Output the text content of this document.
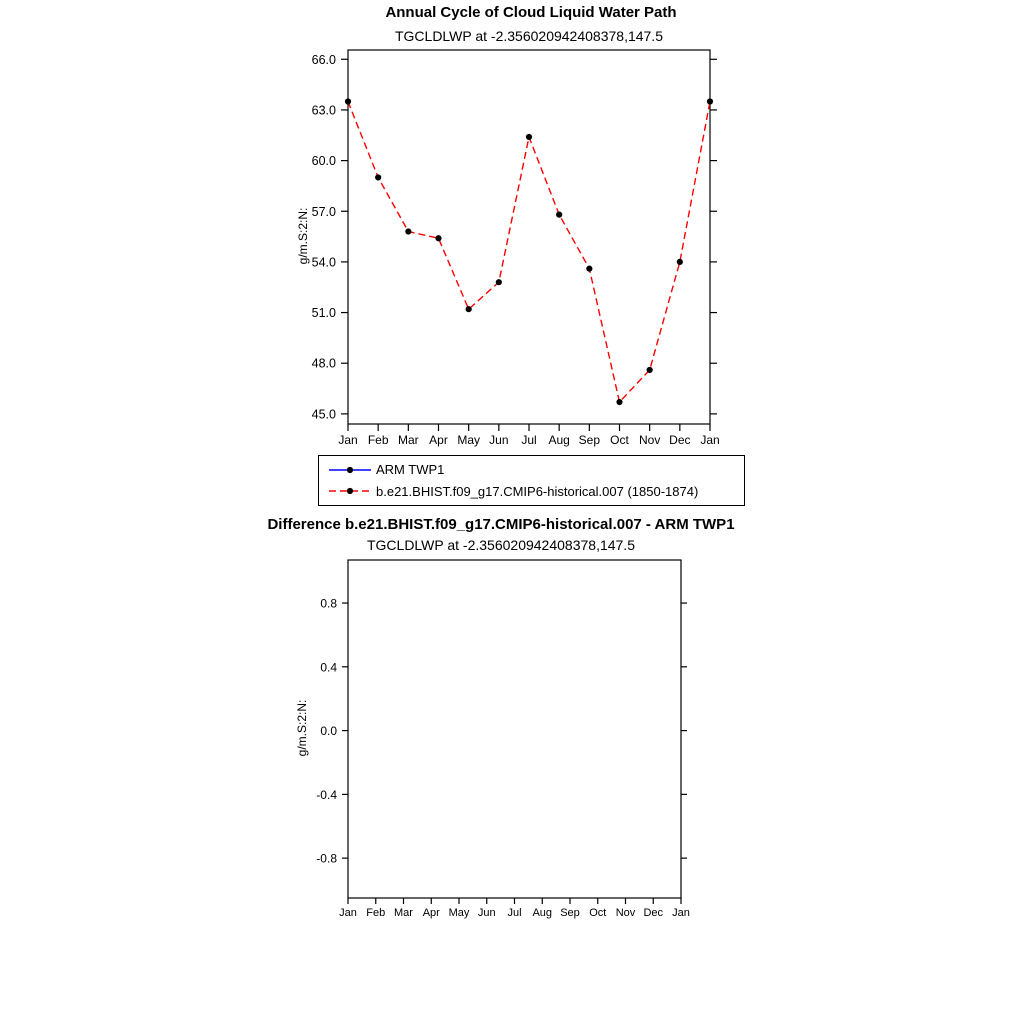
Annual Cycle of Cloud Liquid Water Path
TGCLDLWP at -2.356020942408378,147.5
g/m.S:2:N:
45.0
48.0
51.0
54.0
57.0
60.0
63.0
66.0
Jan Feb Mar Apr May Jun Jul Aug Sep Oct Nov Dec Jan
ARM TWP1
b.e21.BHIST.f09_g17.CMIP6-historical.007 (1850-1874)
Difference b.e21.BHIST.f09_g17.CMIP6-historical.007 - ARM TWP1
TGCLDLWP at -2.356020942408378,147.5
g/m.S:2:N:
-0.8
-0.4
0.0
0.4
0.8
Jan Feb Mar Apr May Jun Jul Aug Sep Oct Nov Dec Jan
